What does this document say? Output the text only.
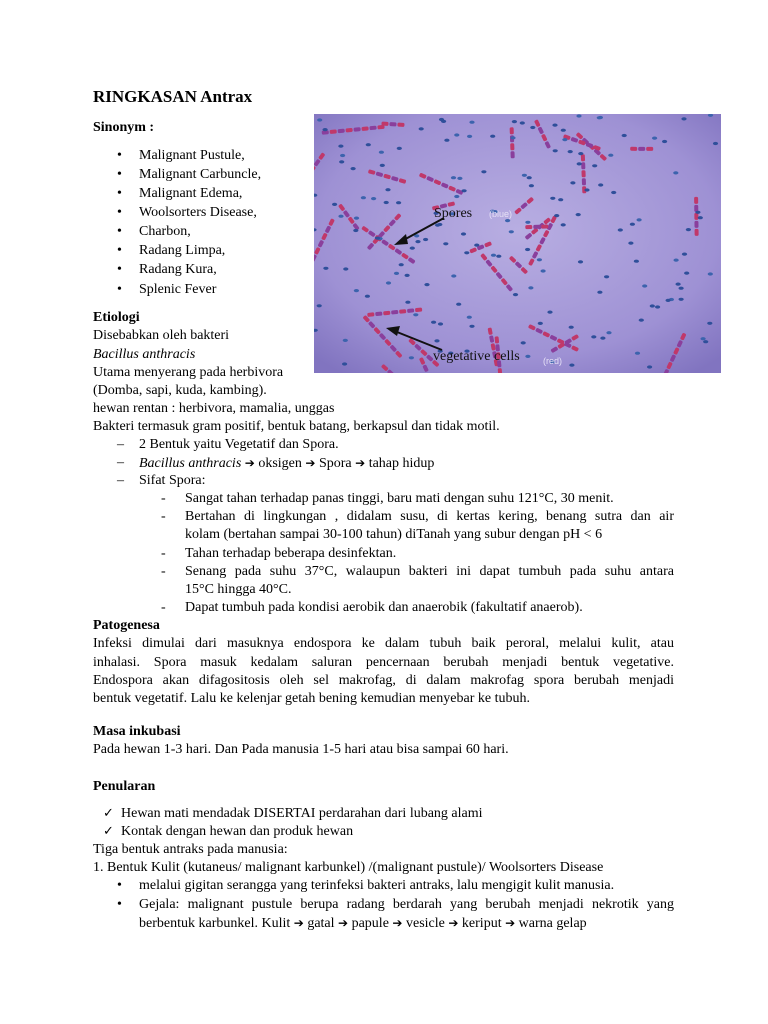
RINGKASAN Antrax
Sinonym :
• Malignant Pustule,
• Malignant Carbuncle,
• Malignant Edema,
• Woolsorters Disease,
• Charbon,
• Radang Limpa,
• Radang Kura,
• Splenic Fever
Spores (blue)
vegetative cells	(red)
Etiologi
Disebabkan oleh bakteri
Bacillus anthracis
Utama menyerang pada herbivora
(Domba, sapi, kuda, kambing).
hewan rentan : herbivora, mamalia, unggas
Bakteri termasuk gram positif, bentuk batang, berkapsul dan tidak motil.
– 2 Bentuk yaitu Vegetatif dan Spora.
– Bacillus anthracis ➔ oksigen ➔ Spora ➔ tahap hidup
– Sifat Spora:
- Sangat tahan terhadap panas tinggi, baru mati dengan suhu 121°C, 30 menit.
- Bertahan di lingkungan , didalam susu, di kertas kering, benang sutra dan air
kolam (bertahan sampai 30-100 tahun) diTanah yang subur dengan pH < 6
- Tahan terhadap beberapa desinfektan.
- Senang pada suhu 37°C, walaupun bakteri ini dapat tumbuh pada suhu antara
15°C hingga 40°C.
- Dapat tumbuh pada kondisi aerobik dan anaerobik (fakultatif anaerob).
Patogenesa
Infeksi dimulai dari masuknya endospora ke dalam tubuh baik peroral, melalui kulit, atau
inhalasi. Spora masuk kedalam saluran pencernaan berubah menjadi bentuk vegetative.
Endospora akan difagositosis oleh sel makrofag, di dalam makrofag spora berubah menjadi
bentuk vegetatif. Lalu ke kelenjar getah bening kemudian menyebar ke tubuh.
Masa inkubasi
Pada hewan 1-3 hari. Dan Pada manusia 1-5 hari atau bisa sampai 60 hari.
Penularan
✓ Hewan mati mendadak DISERTAI perdarahan dari lubang alami
✓ Kontak dengan hewan dan produk hewan
Tiga bentuk antraks pada manusia:
1. Bentuk Kulit (kutaneus/ malignant karbunkel) /(malignant pustule)/ Woolsorters Disease
• melalui gigitan serangga yang terinfeksi bakteri antraks, lalu mengigit kulit manusia.
• Gejala: malignant pustule berupa radang berdarah yang berubah menjadi nekrotik yang
berbentuk karbunkel. Kulit ➔ gatal ➔ papule ➔ vesicle ➔ keriput ➔ warna gelap
